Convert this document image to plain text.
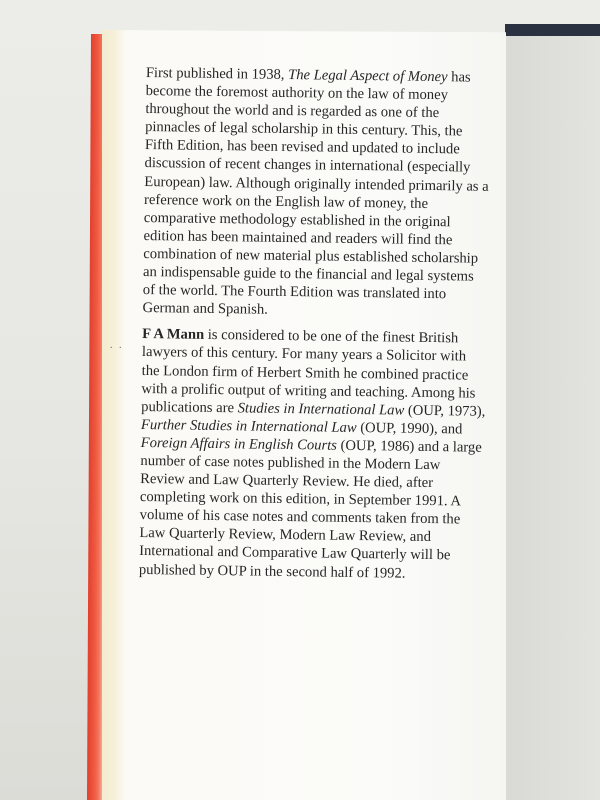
. .

First published in 1938, The Legal Aspect of Money has become the foremost authority on the law of money throughout the world and is regarded as one of the pinnacles of legal scholarship in this century. This, the Fifth Edition, has been revised and updated to include discussion of recent changes in international (especially European) law. Although originally intended primarily as a reference work on the English law of money, the comparative methodology established in the original edition has been maintained and readers will find the combination of new material plus established scholarship an indispensable guide to the financial and legal systems of the world. The Fourth Edition was translated into German and Spanish.

F A Mann is considered to be one of the finest British lawyers of this century. For many years a Solicitor with the London firm of Herbert Smith he combined practice with a prolific output of writing and teaching. Among his publications are Studies in International Law (OUP, 1973), Further Studies in International Law (OUP, 1990), and Foreign Affairs in English Courts (OUP, 1986) and a large number of case notes published in the Modern Law Review and Law Quarterly Review. He died, after completing work on this edition, in September 1991. A volume of his case notes and comments taken from the Law Quarterly Review, Modern Law Review, and International and Comparative Law Quarterly will be published by OUP in the second half of 1992.
